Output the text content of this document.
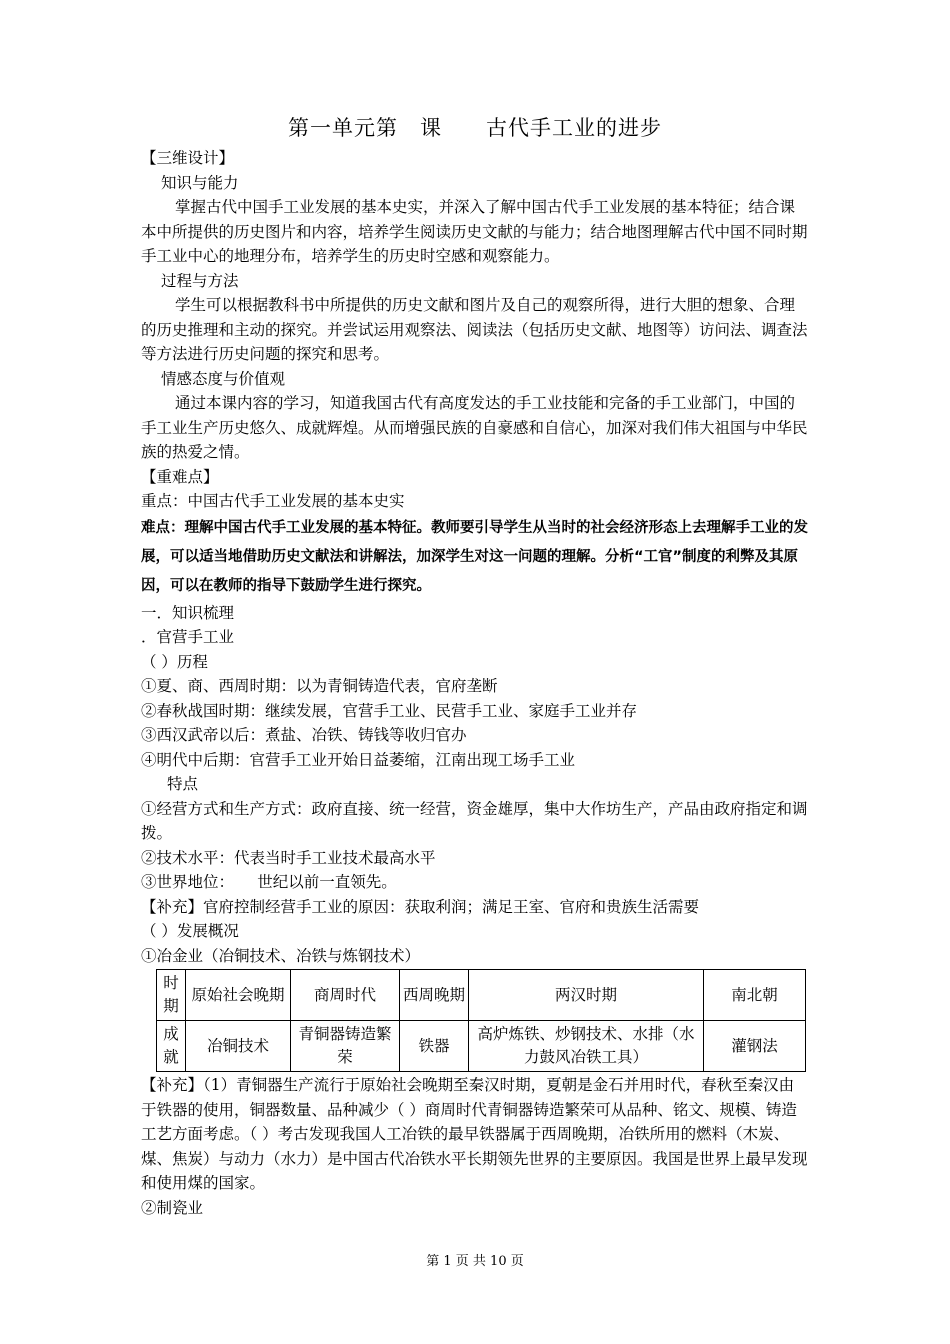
第一单元第　课　　古代手工业的进步

【三维设计】

知识与能力

掌握古代中国手工业发展的基本史实，并深入了解中国古代手工业发展的基本特征；结合课本中所提供的历史图片和内容，培养学生阅读历史文献的与能力；结合地图理解古代中国不同时期手工业中心的地理分布，培养学生的历史时空感和观察能力。

过程与方法

学生可以根据教科书中所提供的历史文献和图片及自己的观察所得，进行大胆的想象、合理的历史推理和主动的探究。并尝试运用观察法、阅读法（包括历史文献、地图等）访问法、调查法等方法进行历史问题的探究和思考。

情感态度与价值观

通过本课内容的学习，知道我国古代有高度发达的手工业技能和完备的手工业部门，中国的手工业生产历史悠久、成就辉煌。从而增强民族的自豪感和自信心，加深对我们伟大祖国与中华民族的热爱之情。

【重难点】

重点：中国古代手工业发展的基本史实

难点：理解中国古代手工业发展的基本特征。教师要引导学生从当时的社会经济形态上去理解手工业的发展，可以适当地借助历史文献法和讲解法，加深学生对这一问题的理解。分析“工官”制度的利弊及其原因，可以在教师的指导下鼓励学生进行探究。

一．知识梳理

．官营手工业

（ ）历程

①夏、商、西周时期：以为青铜铸造代表，官府垄断

②春秋战国时期：继续发展，官营手工业、民营手工业、家庭手工业并存

③西汉武帝以后：煮盐、冶铁、铸钱等收归官办

④明代中后期：官营手工业开始日益萎缩，江南出现工场手工业

特点

①经营方式和生产方式：政府直接、统一经营，资金雄厚，集中大作坊生产，产品由政府指定和调拨。

②技术水平：代表当时手工业技术最高水平

③世界地位：　　世纪以前一直领先。

【补充】官府控制经营手工业的原因：获取利润；满足王室、官府和贵族生活需要

（ ）发展概况

①冶金业（冶铜技术、冶铁与炼钢技术）

时期	原始社会晚期	商周时代	西周晚期	两汉时期	南北朝
成就	冶铜技术	青铜器铸造繁荣	铁器	高炉炼铁、炒钢技术、水排（水力鼓风冶铁工具）	灌钢法

【补充】（1）青铜器生产流行于原始社会晚期至秦汉时期，夏朝是金石并用时代，春秋至秦汉由于铁器的使用，铜器数量、品种减少（ ）商周时代青铜器铸造繁荣可从品种、铭文、规模、铸造工艺方面考虑。（ ）考古发现我国人工冶铁的最早铁器属于西周晚期，冶铁所用的燃料（木炭、煤、焦炭）与动力（水力）是中国古代冶铁水平长期领先世界的主要原因。我国是世界上最早发现和使用煤的国家。

②制瓷业

第 1 页 共 10 页
